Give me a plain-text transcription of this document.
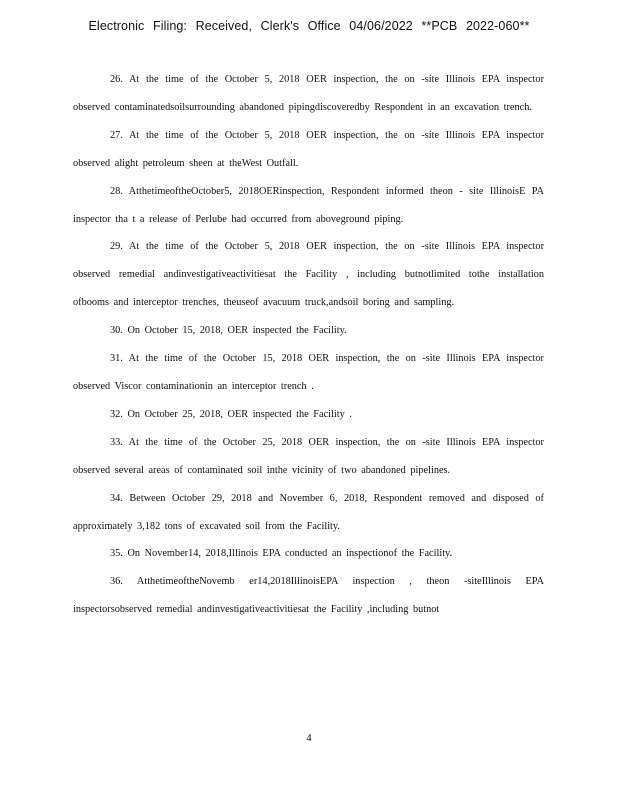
Electronic Filing: Received, Clerk's Office 04/06/2022 **PCB 2022-060**

26. At the time of the October 5, 2018 OER inspection, the on -site Illinois EPA inspector observed contaminatedsoilsurrounding abandoned pipingdiscoveredby Respondent in an excavation trench.

27. At the time of the October 5, 2018 OER inspection, the on -site Illinois EPA inspector observed alight petroleum sheen at theWest Outfall.

28. AtthetimeoftheOctober5, 2018OERinspection, Respondent informed theon - site IllinoisE PA inspector tha t a release of Perlube had occurred from aboveground piping.

29. At the time of the October 5, 2018 OER inspection, the on -site Illinois EPA inspector observed remedial andinvestigativeactivitiesat the Facility , including butnotlimited tothe installation ofbooms and interceptor trenches, theuseof avacuum truck,andsoil boring and sampling.

30. On October 15, 2018, OER inspected the Facility.

31. At the time of the October 15, 2018 OER inspection, the on -site Illinois EPA inspector observed Viscor contaminationin an interceptor trench .

32. On October 25, 2018, OER inspected the Facility .

33. At the time of the October 25, 2018 OER inspection, the on -site Illinois EPA inspector observed several areas of contaminated soil inthe vicinity of two abandoned pipelines.

34. Between October 29, 2018 and November 6, 2018, Respondent removed and disposed of approximately 3,182 tons of excavated soil from the Facility.

35. On November14, 2018,Illinois EPA conducted an inspectionof the Facility.

36. AtthetimeoftheNovemb er14,2018IllinoisEPA inspection , theon -siteIllinois EPA inspectorsobserved remedial andinvestigativeactivitiesat the Facility ,including butnot

4
